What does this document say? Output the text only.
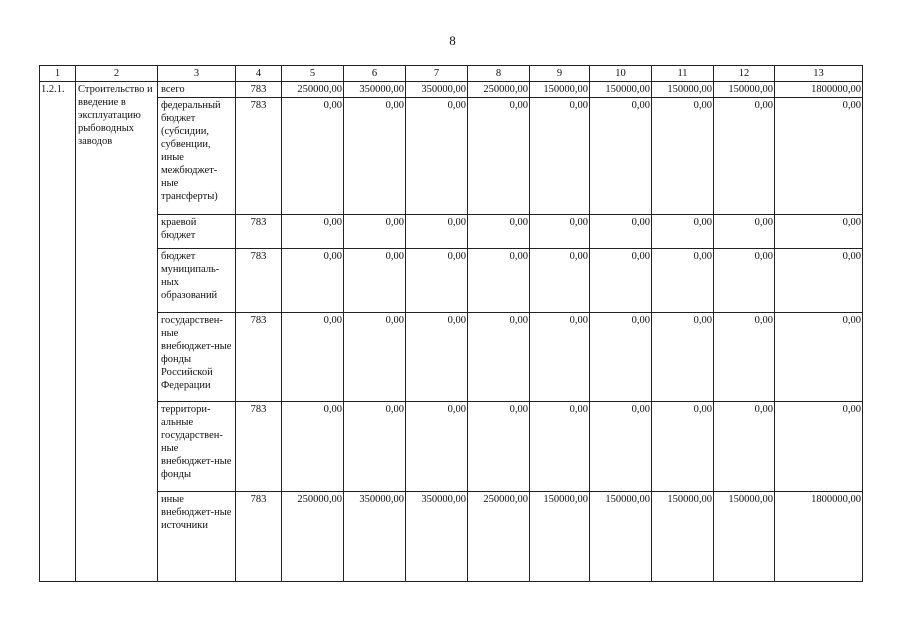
8
1	2	3	4	5	6	7	8	9	10	11	12	13
1.2.1.	Строительство и введение в эксплуатацию рыбоводных заводов	всего	783	250000,00	350000,00	350000,00	250000,00	150000,00	150000,00	150000,00	150000,00	1800000,00
		федеральный бюджет (субсидии, субвенции, иные межбюджет-ные трансферты)	783	0,00	0,00	0,00	0,00	0,00	0,00	0,00	0,00	0,00
		краевой бюджет	783	0,00	0,00	0,00	0,00	0,00	0,00	0,00	0,00	0,00
		бюджет муниципаль-ных образований	783	0,00	0,00	0,00	0,00	0,00	0,00	0,00	0,00	0,00
		государствен-ные внебюджет-ные фонды Российской Федерации	783	0,00	0,00	0,00	0,00	0,00	0,00	0,00	0,00	0,00
		территори-альные государствен-ные внебюджет-ные фонды	783	0,00	0,00	0,00	0,00	0,00	0,00	0,00	0,00	0,00
		иные внебюджет-ные источники	783	250000,00	350000,00	350000,00	250000,00	150000,00	150000,00	150000,00	150000,00	1800000,00
